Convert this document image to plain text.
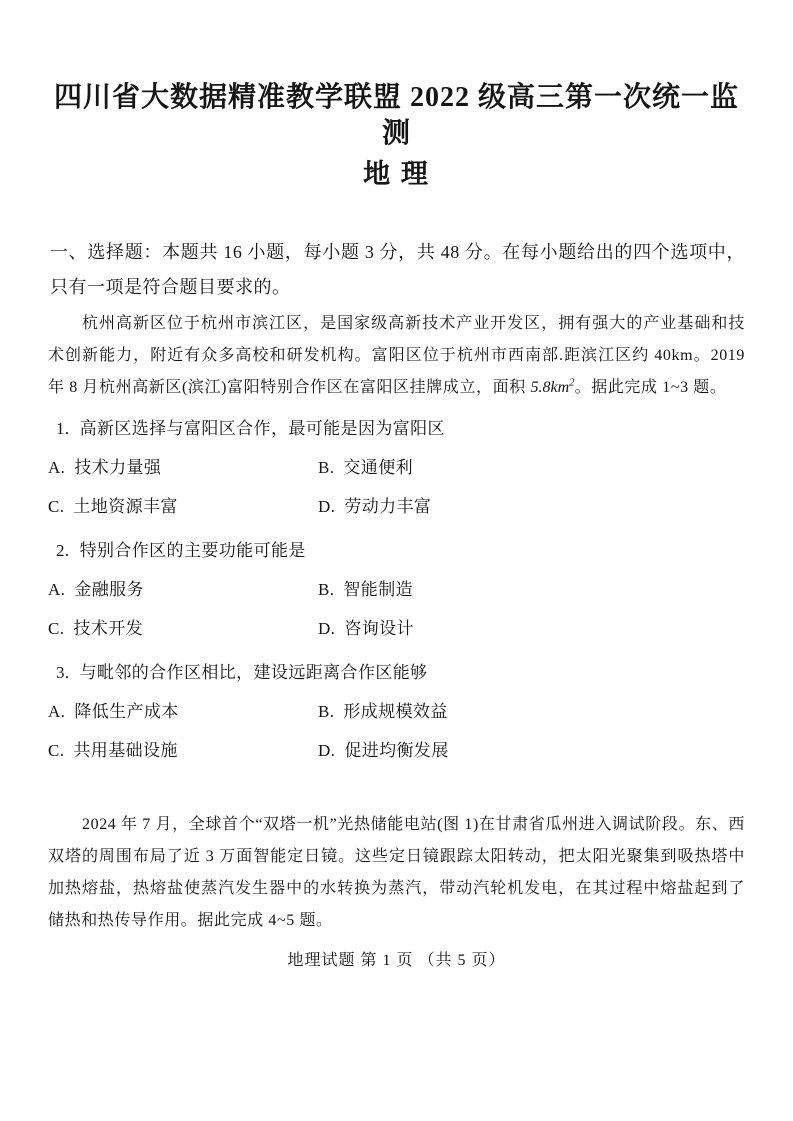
四川省大数据精准教学联盟 2022 级高三第一次统一监测
地 理

一、选择题：本题共 16 小题，每小题 3 分，共 48 分。在每小题给出的四个选项中，只有一项是符合题目要求的。

杭州高新区位于杭州市滨江区，是国家级高新技术产业开发区，拥有强大的产业基础和技术创新能力，附近有众多高校和研发机构。富阳区位于杭州市西南部.距滨江区约 40km。2019 年 8 月杭州高新区(滨江)富阳特别合作区在富阳区挂牌成立，面积 $5.8km^2$。据此完成 1~3 题。

1. 高新区选择与富阳区合作，最可能是因为富阳区
A. 技术力量强	B. 交通便利
C. 土地资源丰富	D. 劳动力丰富
2. 特别合作区的主要功能可能是
A. 金融服务	B. 智能制造
C. 技术开发	D. 咨询设计
3. 与毗邻的合作区相比，建设远距离合作区能够
A. 降低生产成本	B. 形成规模效益
C. 共用基础设施	D. 促进均衡发展

2024 年 7 月，全球首个“双塔一机”光热储能电站(图 1)在甘肃省瓜州进入调试阶段。东、西双塔的周围布局了近 3 万面智能定日镜。这些定日镜跟踪太阳转动，把太阳光聚集到吸热塔中加热熔盐，热熔盐使蒸汽发生器中的水转换为蒸汽，带动汽轮机发电，在其过程中熔盐起到了储热和热传导作用。据此完成 4~5 题。

地理试题 第 1 页 （共 5 页）
